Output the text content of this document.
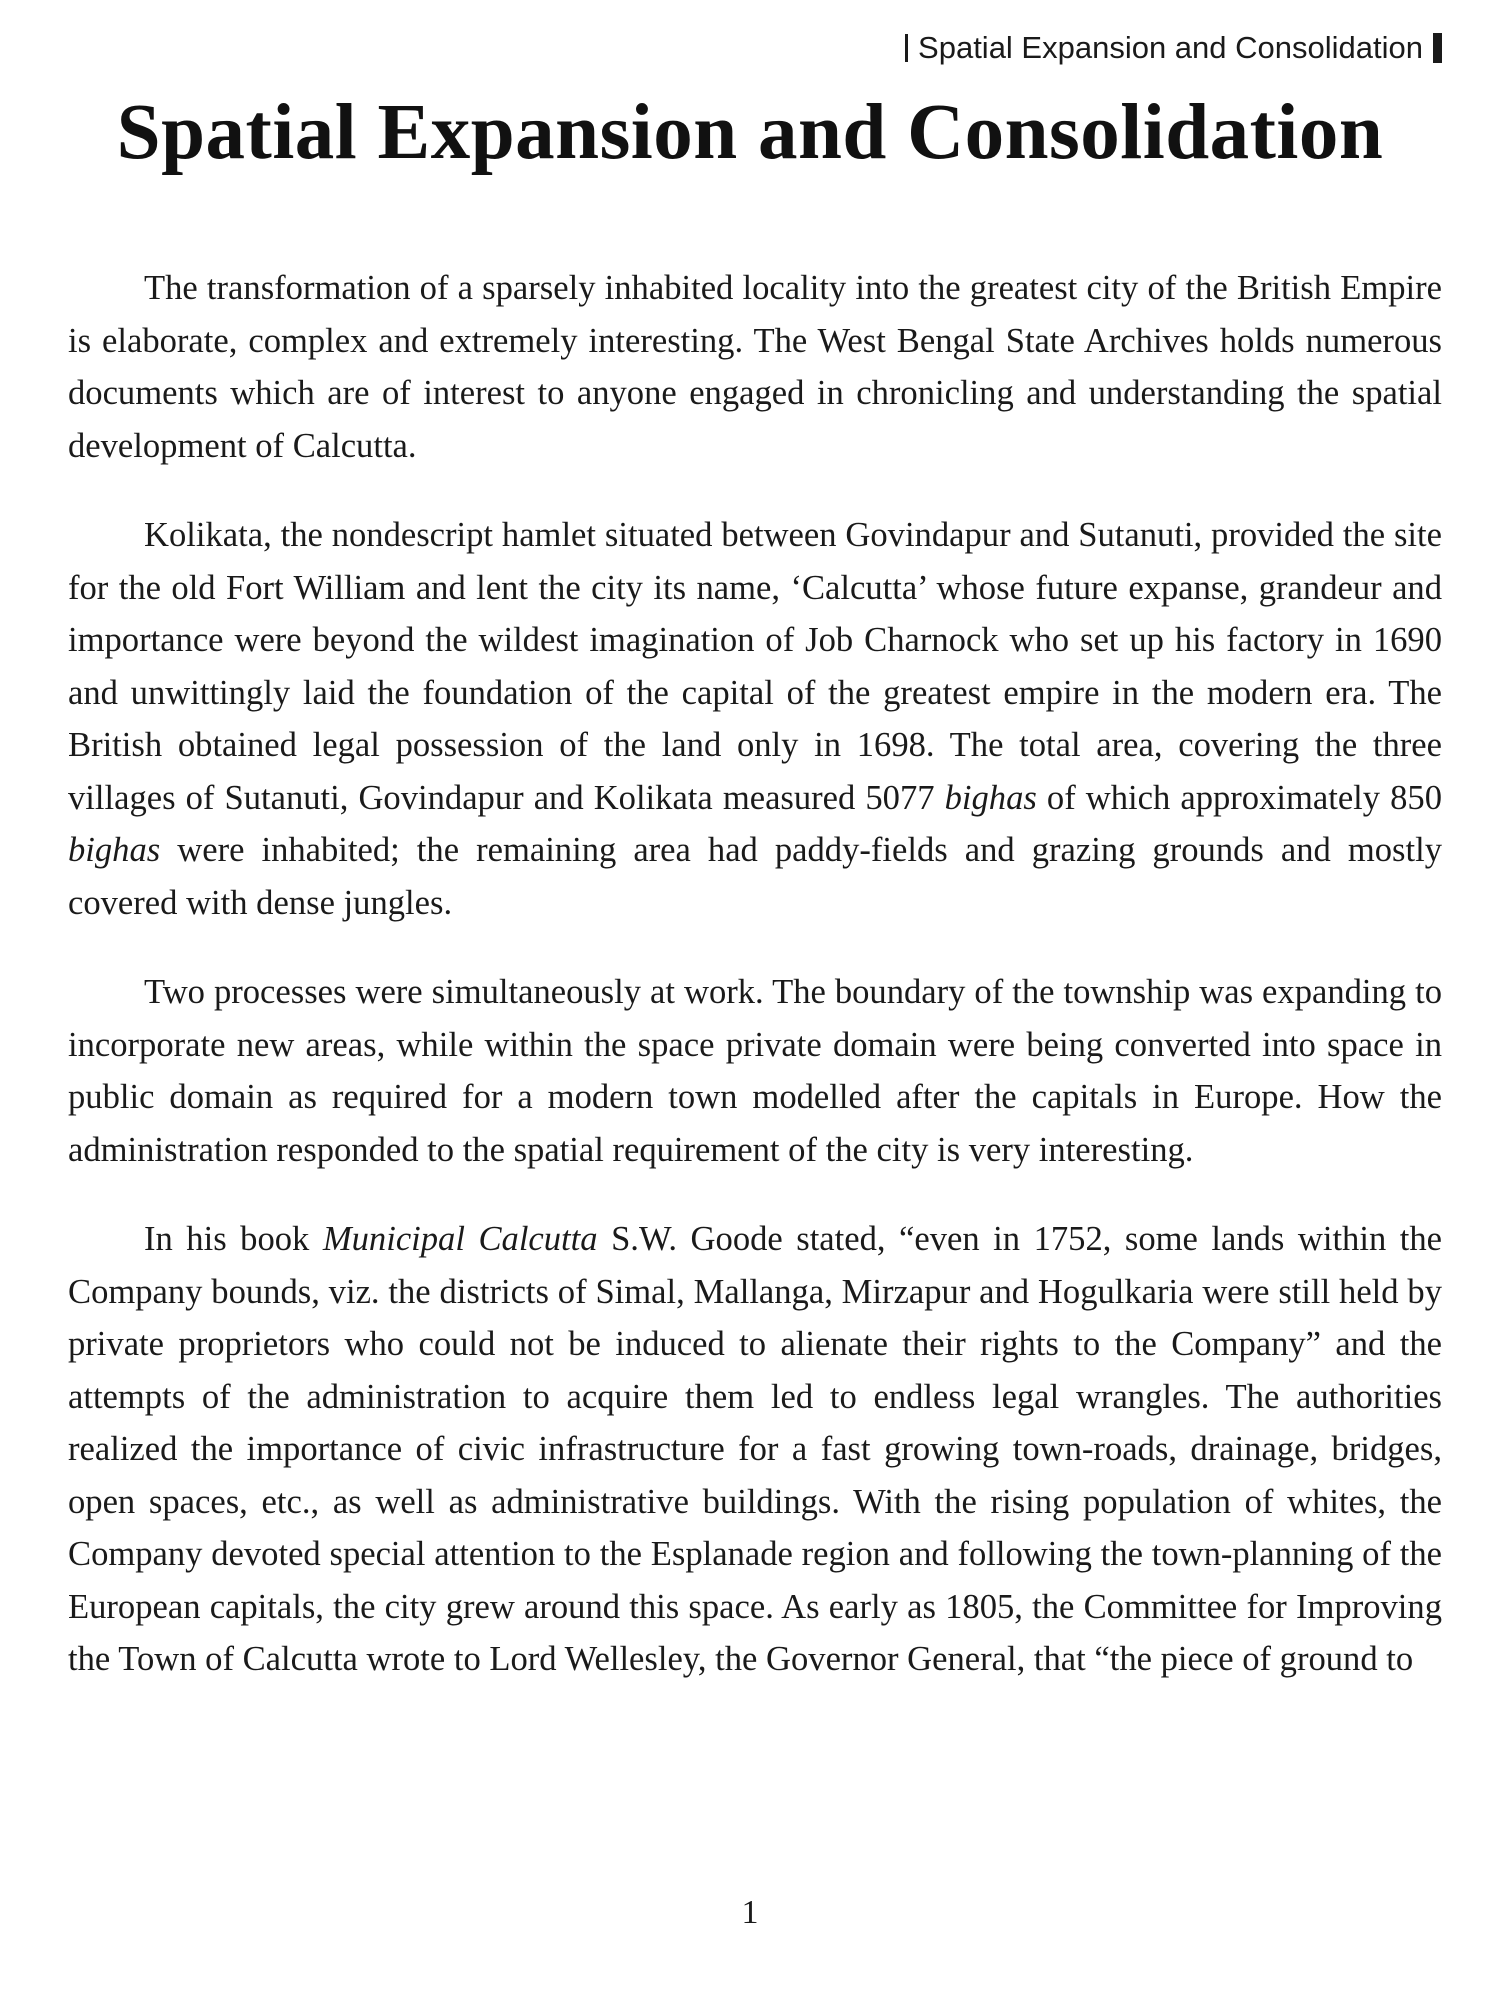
Spatial Expansion and Consolidation
Spatial Expansion and Consolidation

The transformation of a sparsely inhabited locality into the greatest city of the British Empire is elaborate, complex and extremely interesting. The West Bengal State Archives holds numerous documents which are of interest to anyone engaged in chronicling and understanding the spatial development of Calcutta.

Kolikata, the nondescript hamlet situated between Govindapur and Sutanuti, provided the site for the old Fort William and lent the city its name, ‘Calcutta’ whose future expanse, grandeur and importance were beyond the wildest imagination of Job Charnock who set up his factory in 1690 and unwittingly laid the foundation of the capital of the greatest empire in the modern era. The British obtained legal possession of the land only in 1698. The total area, covering the three villages of Sutanuti, Govindapur and Kolikata measured 5077 bighas of which approximately 850 bighas were inhabited; the remaining area had paddy-fields and grazing grounds and mostly covered with dense jungles.

Two processes were simultaneously at work. The boundary of the township was expanding to incorporate new areas, while within the space private domain were being converted into space in public domain as required for a modern town modelled after the capitals in Europe. How the administration responded to the spatial requirement of the city is very interesting.

In his book Municipal Calcutta S.W. Goode stated, “even in 1752, some lands within the Company bounds, viz. the districts of Simal, Mallanga, Mirzapur and Hogulkaria were still held by private proprietors who could not be induced to alienate their rights to the Company” and the attempts of the administration to acquire them led to endless legal wrangles. The authorities realized the importance of civic infrastructure for a fast growing town-roads, drainage, bridges, open spaces, etc., as well as administrative buildings. With the rising population of whites, the Company devoted special attention to the Esplanade region and following the town-planning of the European capitals, the city grew around this space. As early as 1805, the Committee for Improving the Town of Calcutta wrote to Lord Wellesley, the Governor General, that “the piece of ground to

1
